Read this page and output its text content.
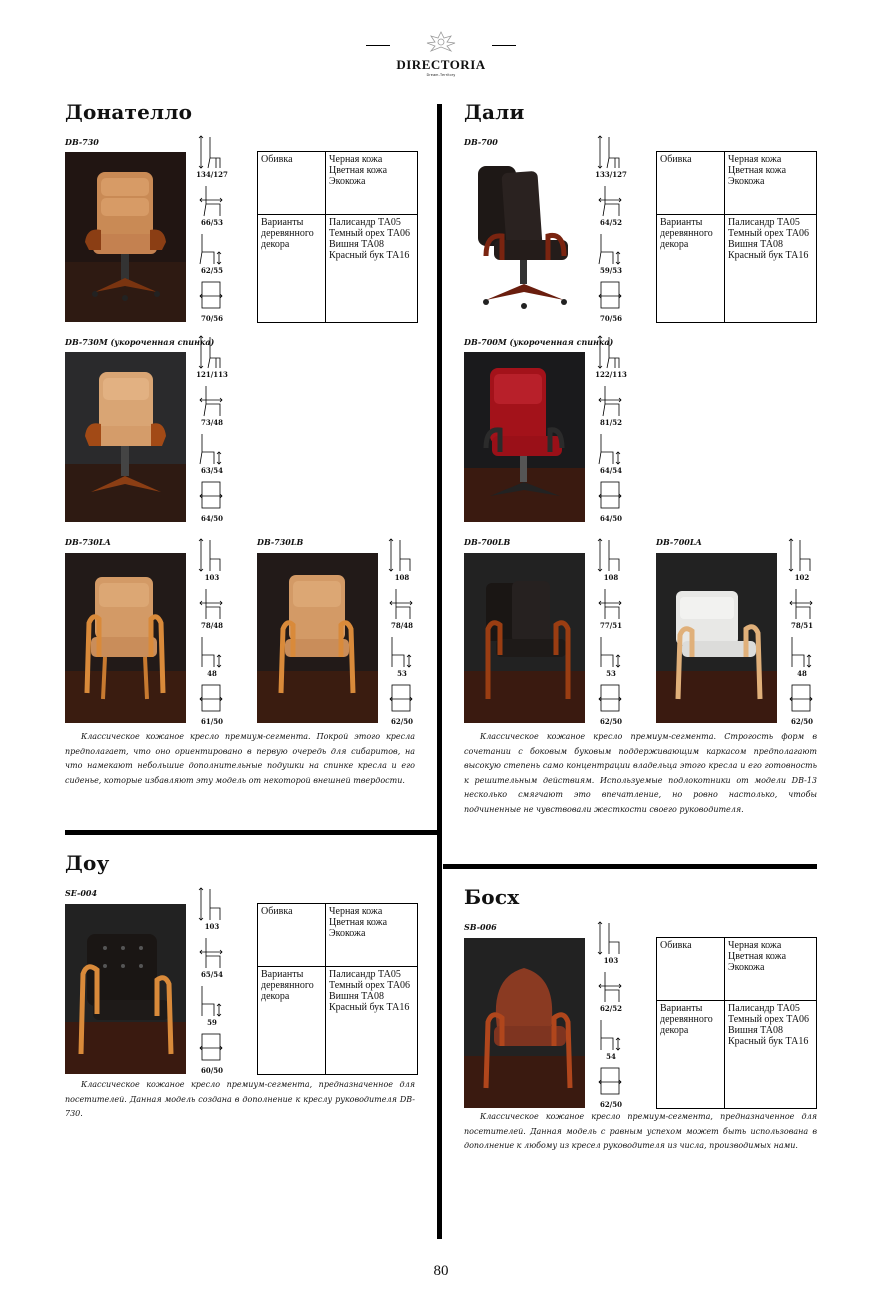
DIRECTORIA
Dream-Territory
Донателло
DB-730
134/127
66/53
62/55
70/56
Обивка	Черная кожа
Цветная кожа
Экокожа

Варианты деревянного декора	Палисандр ТА05
Темный орех ТА06
Вишня ТА08
Красный бук ТА16
DB-730M (укороченная спинка)
121/113
73/48
63/54
64/50
DB-730LA
103
78/48
48
61/50
DB-730LB
108
78/48
53
62/50
Классическое кожаное кресло премиум-сегмента. Покрой этого кресла предполагает, что оно ориентировано в первую очередь для сибаритов, на что намекают небольшие дополнительные подушки на спинке кресла и его сиденье, которые избавляют эту модель от некоторой внешней твердости.
Дали
DB-700
133/127
64/52
59/53
70/56
Обивка	Черная кожа
Цветная кожа
Экокожа

Варианты деревянного декора	Палисандр ТА05
Темный орех ТА06
Вишня ТА08
Красный бук ТА16
DB-700M (укороченная спинка)
122/113
81/52
64/54
64/50
DB-700LB
108
77/51
53
62/50
DB-700LA
102
78/51
48
62/50
Классическое кожаное кресло премиум-сегмента. Строгость форм в сочетании с боковым буковым поддерживающим каркасом предполагают высокую степень само концентрации владельца этого кресла и его готовность к решительным действиям. Используемые подлокотники от модели DB-13 несколько смягчают это впечатление, но ровно настолько, чтобы подчиненные не чувствовали жесткости своего руководителя.
Доу
SE-004
103
65/54
59
60/50
Обивка	Черная кожа
Цветная кожа
Экокожа

Варианты деревянного декора	Палисандр ТА05
Темный орех ТА06
Вишня ТА08
Красный бук ТА16
Классическое кожаное кресло премиум-сегмента, предназначенное для посетителей. Данная модель создана в дополнение к креслу руководителя DB-730.
Босх
SB-006
103
62/52
54
62/50
Обивка	Черная кожа
Цветная кожа
Экокожа

Варианты деревянного декора	Палисандр ТА05
Темный орех ТА06
Вишня ТА08
Красный бук ТА16
Классическое кожаное кресло премиум-сегмента, предназначенное для посетителей. Данная модель с равным успехом может быть использована в дополнение к любому из кресел руководителя из числа, производимых нами.
80
